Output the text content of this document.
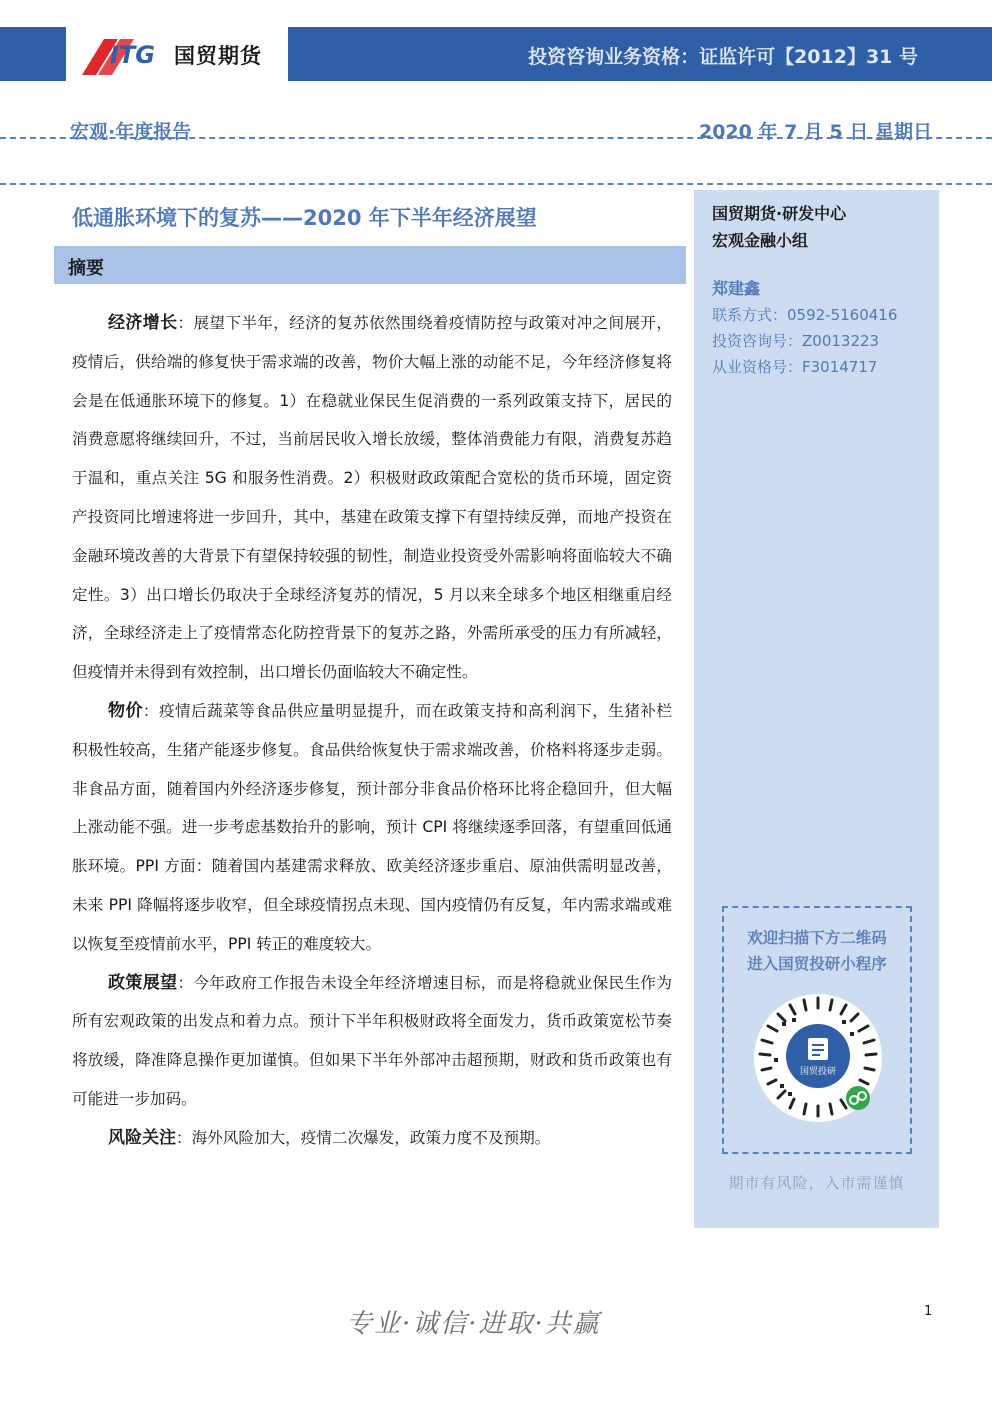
ITG 国贸期货	投资咨询业务资格：证监许可【2012】31 号
宏观·年度报告	2020 年 7 月 5 日 星期日
低通胀环境下的复苏——2020 年下半年经济展望
摘要

经济增长：展望下半年，经济的复苏依然围绕着疫情防控与政策对冲之间展开，疫情后，供给端的修复快于需求端的改善，物价大幅上涨的动能不足，今年经济修复将会是在低通胀环境下的修复。1）在稳就业保民生促消费的一系列政策支持下，居民的消费意愿将继续回升，不过，当前居民收入增长放缓，整体消费能力有限，消费复苏趋于温和，重点关注 5G 和服务性消费。2）积极财政政策配合宽松的货币环境，固定资产投资同比增速将进一步回升，其中，基建在政策支撑下有望持续反弹，而地产投资在金融环境改善的大背景下有望保持较强的韧性，制造业投资受外需影响将面临较大不确定性。3）出口增长仍取决于全球经济复苏的情况，5 月以来全球多个地区相继重启经济，全球经济走上了疫情常态化防控背景下的复苏之路，外需所承受的压力有所减轻，但疫情并未得到有效控制，出口增长仍面临较大不确定性。

物价：疫情后蔬菜等食品供应量明显提升，而在政策支持和高利润下，生猪补栏积极性较高，生猪产能逐步修复。食品供给恢复快于需求端改善，价格料将逐步走弱。非食品方面，随着国内外经济逐步修复，预计部分非食品价格环比将企稳回升，但大幅上涨动能不强。进一步考虑基数抬升的影响，预计 CPI 将继续逐季回落，有望重回低通胀环境。PPI 方面：随着国内基建需求释放、欧美经济逐步重启、原油供需明显改善，未来 PPI 降幅将逐步收窄，但全球疫情拐点未现、国内疫情仍有反复，年内需求端或难以恢复至疫情前水平，PPI 转正的难度较大。

政策展望：今年政府工作报告未设全年经济增速目标，而是将稳就业保民生作为所有宏观政策的出发点和着力点。预计下半年积极财政将全面发力，货币政策宽松节奏将放缓，降准降息操作更加谨慎。但如果下半年外部冲击超预期，财政和货币政策也有可能进一步加码。

风险关注：海外风险加大，疫情二次爆发，政策力度不及预期。

国贸期货·研发中心
宏观金融小组
郑建鑫
联系方式：0592-5160416
投资咨询号：Z0013223
从业资格号：F3014717
欢迎扫描下方二维码
进入国贸投研小程序
国贸投研
期市有风险，入市需谨慎
专业·诚信·进取·共赢	1
